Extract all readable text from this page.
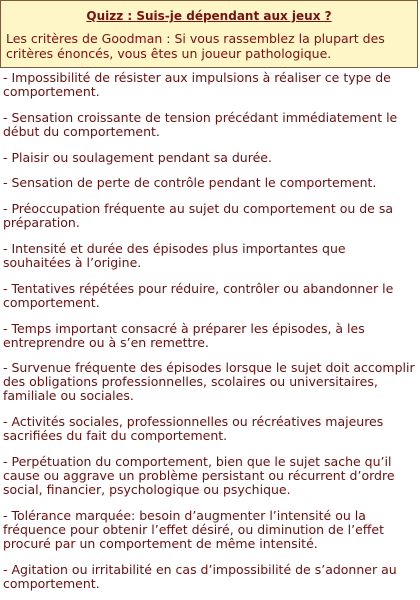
Quizz : Suis-je dépendant aux jeux ?
Les critères de Goodman : Si vous rassemblez la plupart des critères énoncés, vous êtes un joueur pathologique.
- Impossibilité de résister aux impulsions à réaliser ce type de comportement.
- Sensation croissante de tension précédant immédiatement le début du comportement.
- Plaisir ou soulagement pendant sa durée.
- Sensation de perte de contrôle pendant le comportement.
- Préoccupation fréquente au sujet du comportement ou de sa préparation.
- Intensité et durée des épisodes plus importantes que souhaitées à l’origine.
- Tentatives répétées pour réduire, contrôler ou abandonner le comportement.
- Temps important consacré à préparer les épisodes, à les entreprendre ou à s’en remettre.
- Survenue fréquente des épisodes lorsque le sujet doit accomplir des obligations professionnelles, scolaires ou universitaires, familiale ou sociales.
- Activités sociales, professionnelles ou récréatives majeures sacrifiées du fait du comportement.
- Perpétuation du comportement, bien que le sujet sache qu’il cause ou aggrave un problème persistant ou récurrent d’ordre social, financier, psychologique ou psychique.
- Tolérance marquée: besoin d’augmenter l’intensité ou la fréquence pour obtenir l’effet désiré, ou diminution de l’effet procuré par un comportement de même intensité.
- Agitation ou irritabilité en cas d’impossibilité de s’adonner au comportement.
